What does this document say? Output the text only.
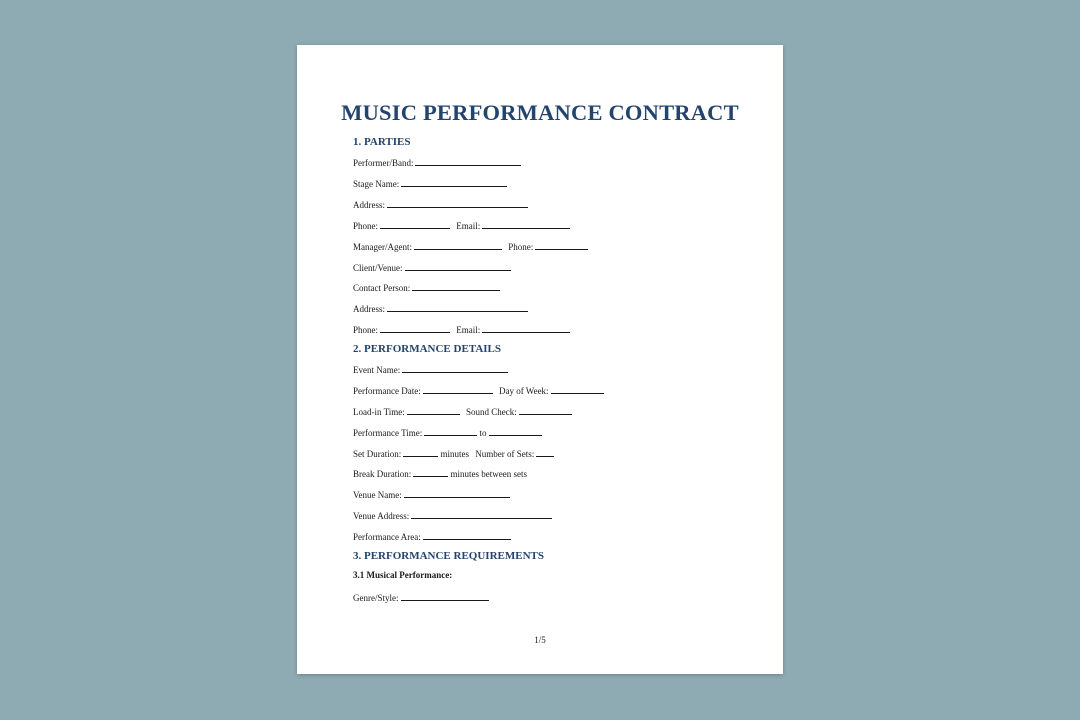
MUSIC PERFORMANCE CONTRACT
1. PARTIES
Performer/Band:
Stage Name:
Address:
Phone:	Email:
Manager/Agent:	Phone:
Client/Venue:
Contact Person:
Address:
Phone:	Email:
2. PERFORMANCE DETAILS
Event Name:
Performance Date:	Day of Week:
Load-in Time:	Sound Check:
Performance Time:	to
Set Duration:	minutes Number of Sets:
Break Duration:	minutes between sets
Venue Name:
Venue Address:
Performance Area:
3. PERFORMANCE REQUIREMENTS
3.1 Musical Performance:
Genre/Style:
1/5
